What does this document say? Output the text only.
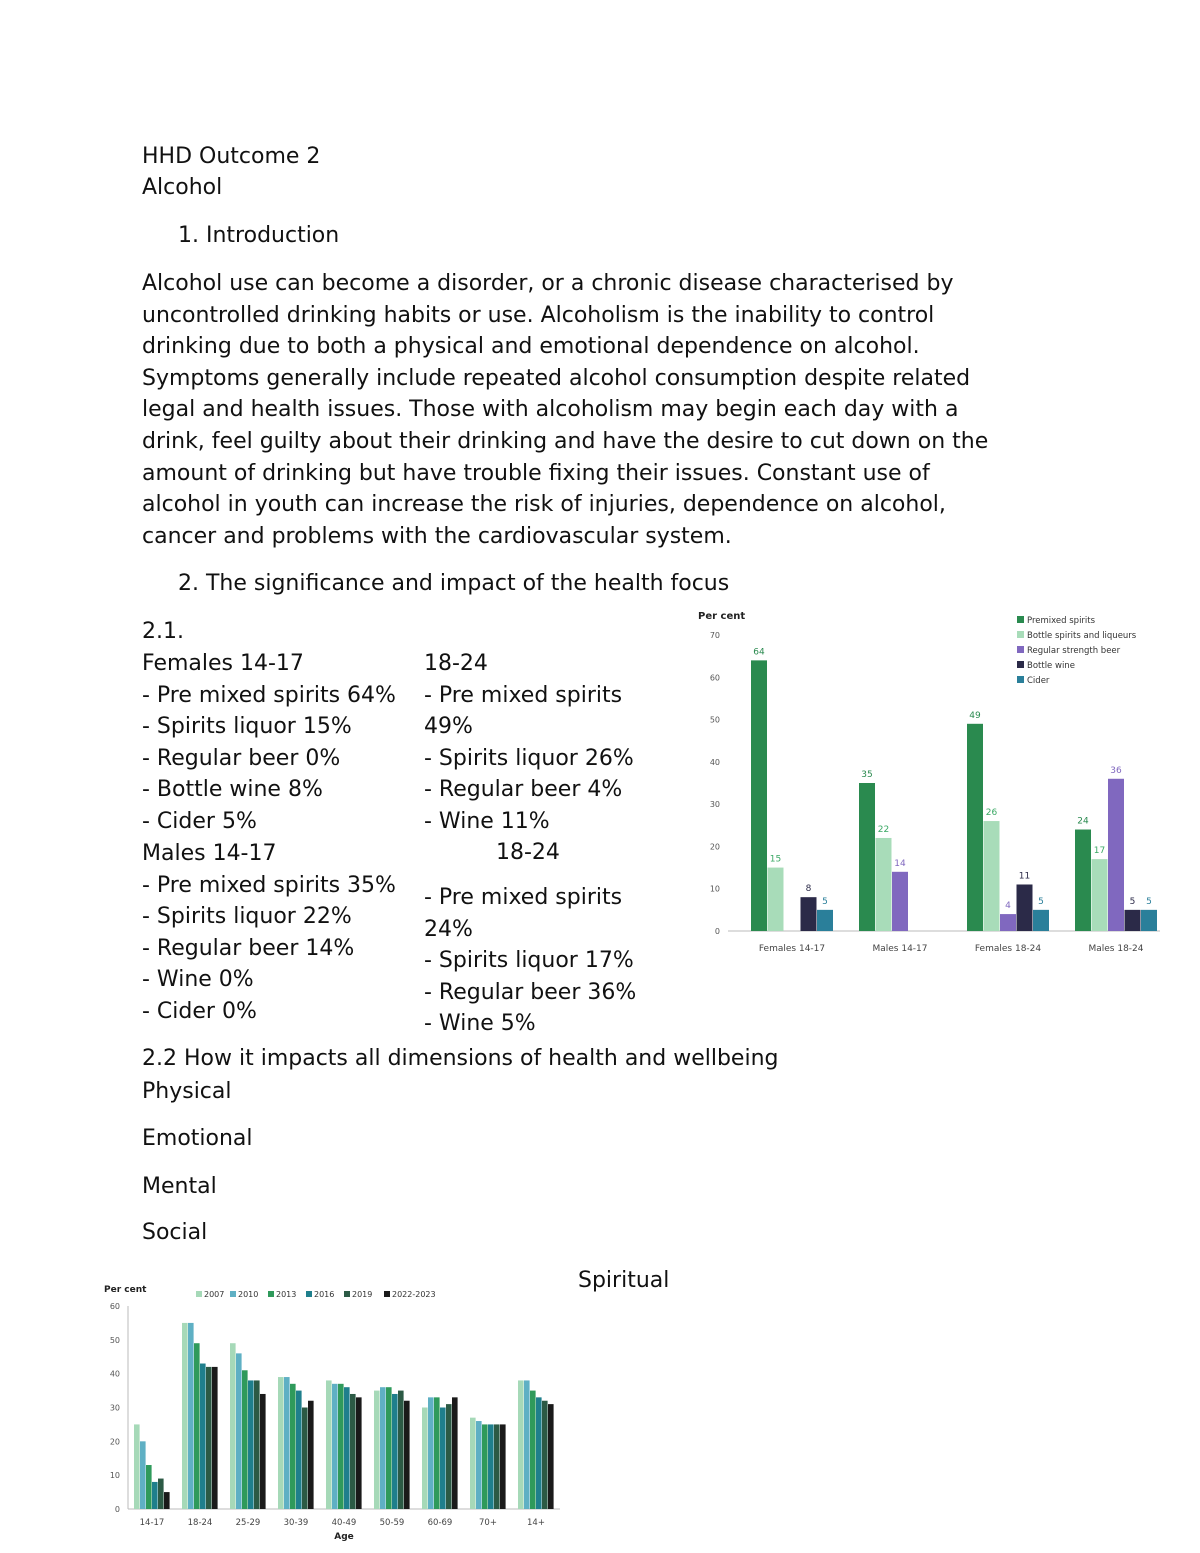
HHD Outcome 2
Alcohol
1. Introduction
Alcohol use can become a disorder, or a chronic disease characterised by
uncontrolled drinking habits or use. Alcoholism is the inability to control
drinking due to both a physical and emotional dependence on alcohol.
Symptoms generally include repeated alcohol consumption despite related
legal and health issues. Those with alcoholism may begin each day with a
drink, feel guilty about their drinking and have the desire to cut down on the
amount of drinking but have trouble fixing their issues. Constant use of
alcohol in youth can increase the risk of injuries, dependence on alcohol,
cancer and problems with the cardiovascular system.
2. The significance and impact of the health focus
2.1.
Females 14-17
- Pre mixed spirits 64%
- Spirits liquor 15%
- Regular beer 0%
- Bottle wine 8%
- Cider 5%
Males 14-17
- Pre mixed spirits 35%
- Spirits liquor 22%
- Regular beer 14%
- Wine 0%
- Cider 0%
18-24
- Pre mixed spirits
49%
- Spirits liquor 26%
- Regular beer 4%
- Wine 11%
18-24
- Pre mixed spirits
24%
- Spirits liquor 17%
- Regular beer 36%
- Wine 5%
2.2 How it impacts all dimensions of health and wellbeing
Physical
Emotional
Mental
Social
Spiritual
Per cent
0
10
20
30
40
50
60
70
64
15
8
5
Females 14-17
35
22
14
Males 14-17
49
26
4
11
5
Females 18-24
24
17
36
5 5
Males 18-24
Premixed spirits
Bottle spirits and liqueurs
Regular strength beer
Bottle wine
Cider
Per cent
0
10
20
30
40
50
60
14-17	18-24	25-29	30-39	40-49	50-59	60-69	70+	14+
Age
2007 2010 2013 2016 2019 2022-2023
